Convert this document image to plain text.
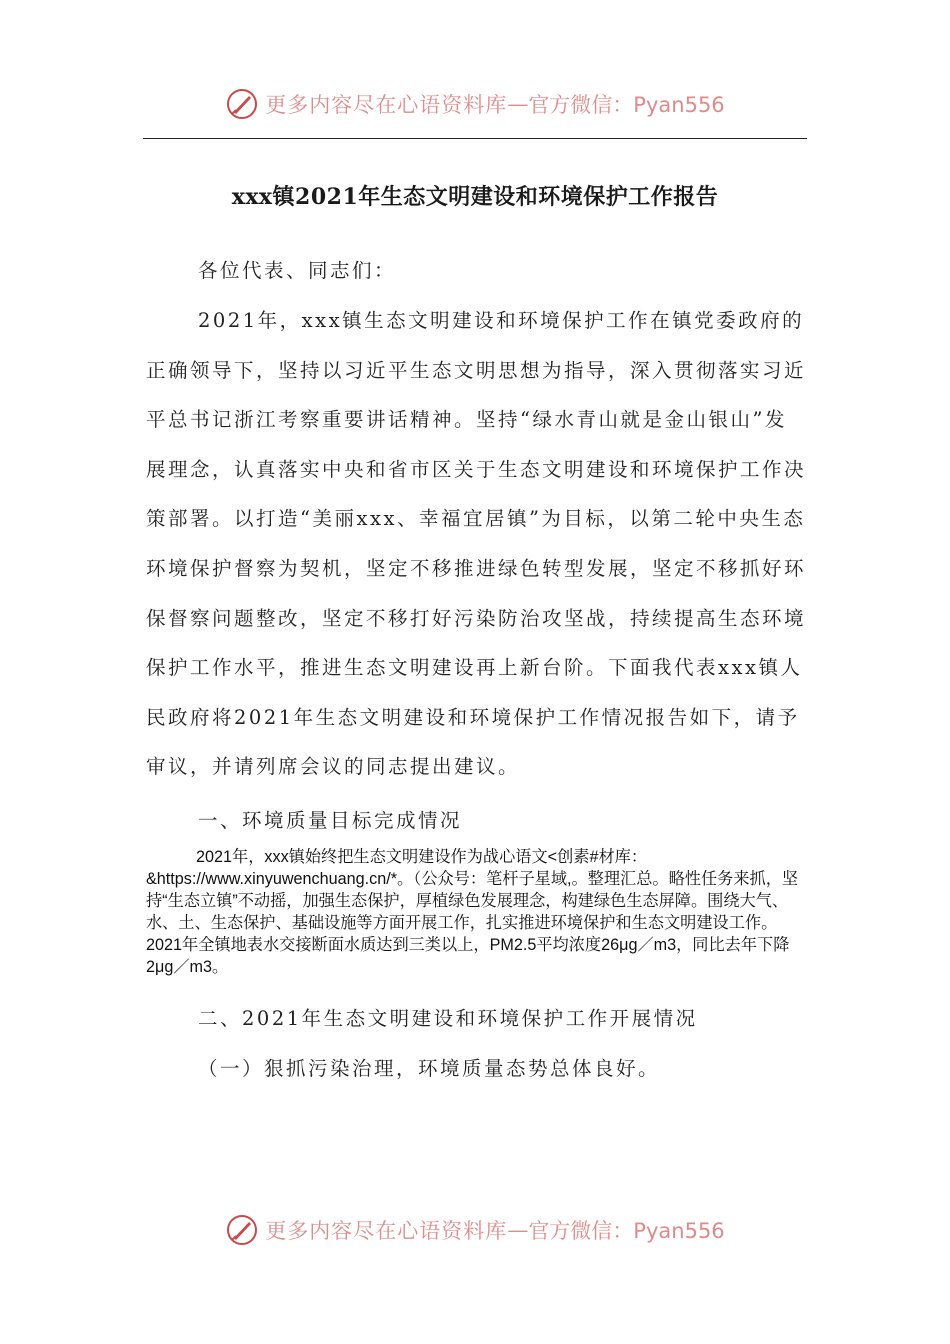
更多内容尽在心语资料库 — 官方微信：Pyan556
xxx镇2021年生态文明建设和环境保护工作报告
各位代表、同志们：
2021年，xxx镇生态文明建设和环境保护工作在镇党委政府的正确领导下，坚持以习近平生态文明思想为指导，深入贯彻落实习近平总书记浙江考察重要讲话精神。坚持“绿水青山就是金山银山”发展理念，认真落实中央和省市区关于生态文明建设和环境保护工作决策部署。以打造“美丽xxx、幸福宜居镇”为目标，以第二轮中央生态环境保护督察为契机，坚定不移推进绿色转型发展，坚定不移抓好环保督察问题整改，坚定不移打好污染防治攻坚战，持续提高生态环境保护工作水平，推进生态文明建设再上新台阶。下面我代表xxx镇人民政府将2021年生态文明建设和环境保护工作情况报告如下，请予审议，并请列席会议的同志提出建议。
一、环境质量目标完成情况
2021年，xxx镇始终把生态文明建设作为战心语文<创素#材库：&https://www.xinyuwenchuang.cn/*。（公众号：笔杆子星域,。整理汇总。略性任务来抓，坚持“生态立镇”不动摇，加强生态保护，厚植绿色发展理念，构建绿色生态屏障。围绕大气、水、土、生态保护、基础设施等方面开展工作，扎实推进环境保护和生态文明建设工作。2021年全镇地表水交接断面水质达到三类以上，PM2.5平均浓度26μg／m3，同比去年下降2μg／m3。
二、2021年生态文明建设和环境保护工作开展情况
（一）狠抓污染治理，环境质量态势总体良好。
更多内容尽在心语资料库 — 官方微信：Pyan556
